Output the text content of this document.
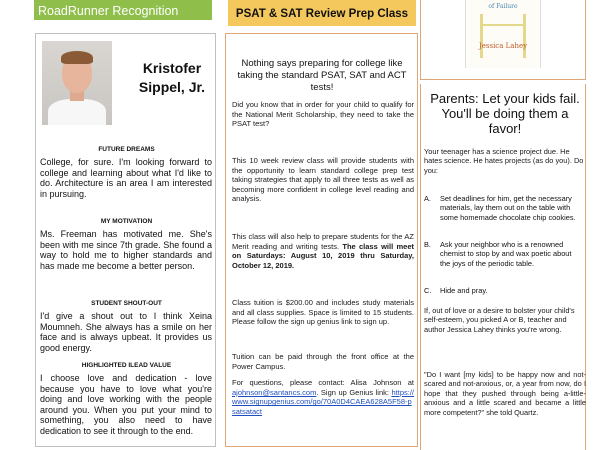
RoadRunner Recognition
Kristofer
Sippel, Jr.
FUTURE DREAMS
College, for sure. I'm looking forward to college and learning about what I'd like to do. Architecture is an area I am interested in pursuing.
MY MOTIVATION
Ms. Freeman has motivated me. She's been with me since 7th grade. She found a way to hold me to higher standards and has made me become a better person.
STUDENT SHOUT-OUT
I'd give a shout out to I think Xeina Moumneh. She always has a smile on her face and is always upbeat. It provides us good energy.
HIGHLIGHTED ILEAD VALUE
I choose love and dedication - love because you have to love what you're doing and love working with the people around you. When you put your mind to something, you also need to have dedication to see it through to the end.
PSAT & SAT Review Prep Class
Nothing says preparing for college like taking the standard PSAT, SAT and ACT tests!
Did you know that in order for your child to qualify for the National Merit Scholarship, they need to take the PSAT test?
This 10 week review class will provide students with the opportunity to learn standard college prep test taking strategies that apply to all three tests as well as becoming more confident in college level reading and analysis.
This class will also help to prepare students for the AZ Merit reading and writing tests. The class will meet on Saturdays: August 10, 2019 thru Saturday, October 12, 2019.
Class tuition is $200.00 and includes study materials and all class supplies. Space is limited to 15 students. Please follow the sign up genius link to sign up.
Tuition can be paid through the front office at the Power Campus.
For questions, please contact: Alisa Johnson at ajohnson@santancs.com. Sign up Genius link: https://www.signupgenius.com/go/70A0D4CAEA628A5F58-psatsatact
of Failure
Jessica Lahey
Parents: Let your kids fail. You'll be doing them a favor!
Your teenager has a science project due. He hates science. He hates projects (as do you). Do you:
A. Set deadlines for him, get the necessary materials, lay them out on the table with some homemade chocolate chip cookies.
B. Ask your neighbor who is a renowned chemist to stop by and wax poetic about the joys of the periodic table.
C. Hide and pray.
If, out of love or a desire to bolster your child's self-esteem, you picked A or B, teacher and author Jessica Lahey thinks you're wrong.
"Do I want [my kids] to be happy now and not-scared and not-anxious, or, a year from now, do I hope that they pushed through being a-little-anxious and a little scared and became a little more competent?" she told Quartz.
